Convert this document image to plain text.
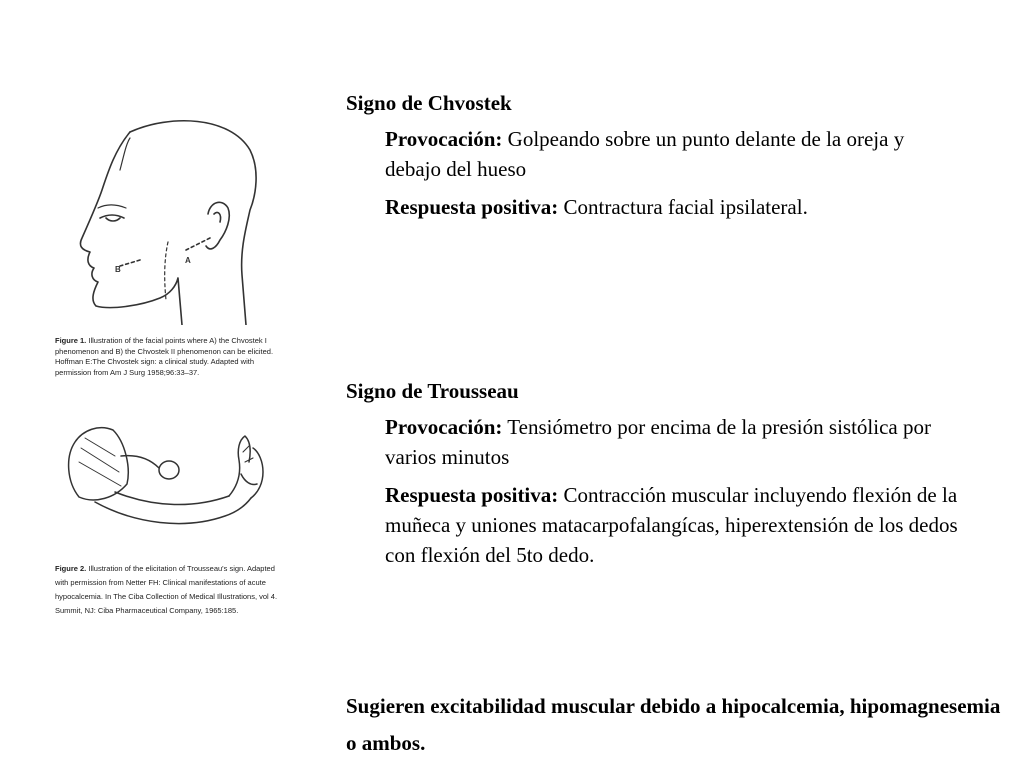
A
B
Figure 1. Illustration of the facial points where A) the Chvostek I phenomenon and B) the Chvostek II phenomenon can be elicited. Hoffman E:The Chvostek sign: a clinical study. Adapted with permission from Am J Surg 1958;96:33–37.
Figure 2. Illustration of the elicitation of Trousseau's sign. Adapted with permission from Netter FH: Clinical manifestations of acute hypocalcemia. In The Ciba Collection of Medical Illustrations, vol 4. Summit, NJ: Ciba Pharmaceutical Company, 1965:185.
Signo de Chvostek
Provocación: Golpeando sobre un punto delante de la oreja y debajo del hueso
Respuesta positiva: Contractura facial ipsilateral.
Signo de Trousseau
Provocación: Tensiómetro por encima de la presión sistólica por varios minutos
Respuesta positiva: Contracción muscular incluyendo flexión de la muñeca y uniones matacarpofalangícas, hiperextensión de los dedos con flexión del 5to dedo.
Sugieren excitabilidad muscular debido a hipocalcemia, hipomagnesemia o ambos.
